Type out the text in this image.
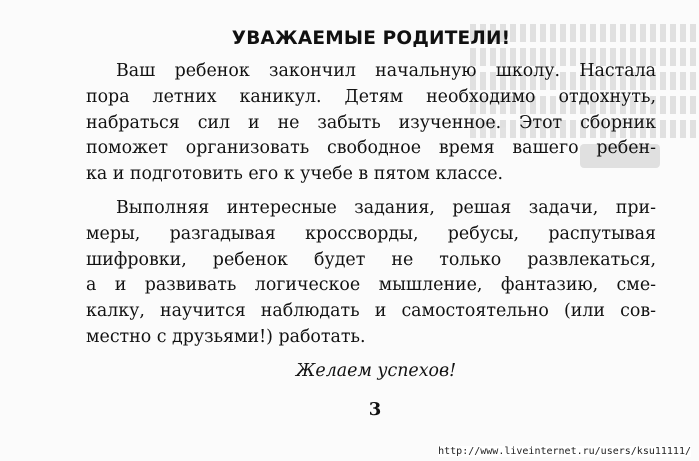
УВАЖАЕМЫЕ РОДИТЕЛИ!
Ваш ребенок закончил начальную школу. Настала
пора летних каникул. Детям необходимо отдохнуть,
набраться сил и не забыть изученное. Этот сборник
поможет организовать свободное время вашего ребен-
ка и подготовить его к учебе в пятом классе.
Выполняя интересные задания, решая задачи, при-
меры, разгадывая кроссворды, ребусы, распутывая
шифровки, ребенок будет не только развлекаться,
а и развивать логическое мышление, фантазию, сме-
калку, научится наблюдать и самостоятельно (или сов-
местно с друзьями!) работать.
Желаем успехов!
3
http://www.liveinternet.ru/users/ksu11111/
